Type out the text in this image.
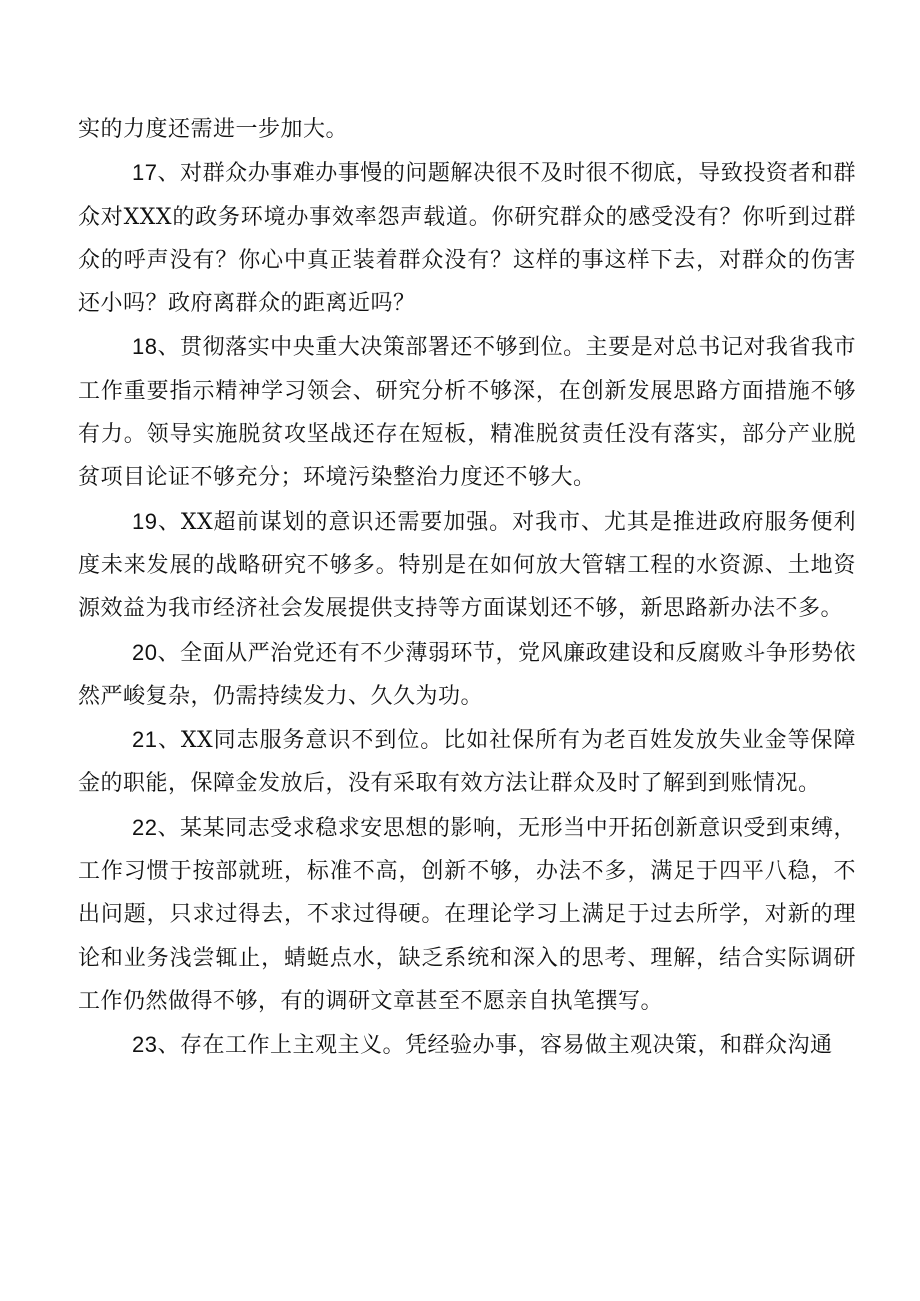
实的力度还需进一步加大。

17、对群众办事难办事慢的问题解决很不及时很不彻底，导致投资者和群众对XXX的政务环境办事效率怨声载道。你研究群众的感受没有？你听到过群众的呼声没有？你心中真正装着群众没有？这样的事这样下去，对群众的伤害还小吗？政府离群众的距离近吗？

18、贯彻落实中央重大决策部署还不够到位。主要是对总书记对我省我市工作重要指示精神学习领会、研究分析不够深，在创新发展思路方面措施不够有力。领导实施脱贫攻坚战还存在短板，精准脱贫责任没有落实，部分产业脱贫项目论证不够充分；环境污染整治力度还不够大。

19、XX超前谋划的意识还需要加强。对我市、尤其是推进政府服务便利度未来发展的战略研究不够多。特别是在如何放大管辖工程的水资源、土地资源效益为我市经济社会发展提供支持等方面谋划还不够，新思路新办法不多。

20、全面从严治党还有不少薄弱环节，党风廉政建设和反腐败斗争形势依然严峻复杂，仍需持续发力、久久为功。

21、XX同志服务意识不到位。比如社保所有为老百姓发放失业金等保障金的职能，保障金发放后，没有采取有效方法让群众及时了解到到账情况。

22、某某同志受求稳求安思想的影响，无形当中开拓创新意识受到束缚，工作习惯于按部就班，标准不高，创新不够，办法不多，满足于四平八稳，不出问题，只求过得去，不求过得硬。在理论学习上满足于过去所学，对新的理论和业务浅尝辄止，蜻蜓点水，缺乏系统和深入的思考、理解，结合实际调研工作仍然做得不够，有的调研文章甚至不愿亲自执笔撰写。

23、存在工作上主观主义。凭经验办事，容易做主观决策，和群众沟通
